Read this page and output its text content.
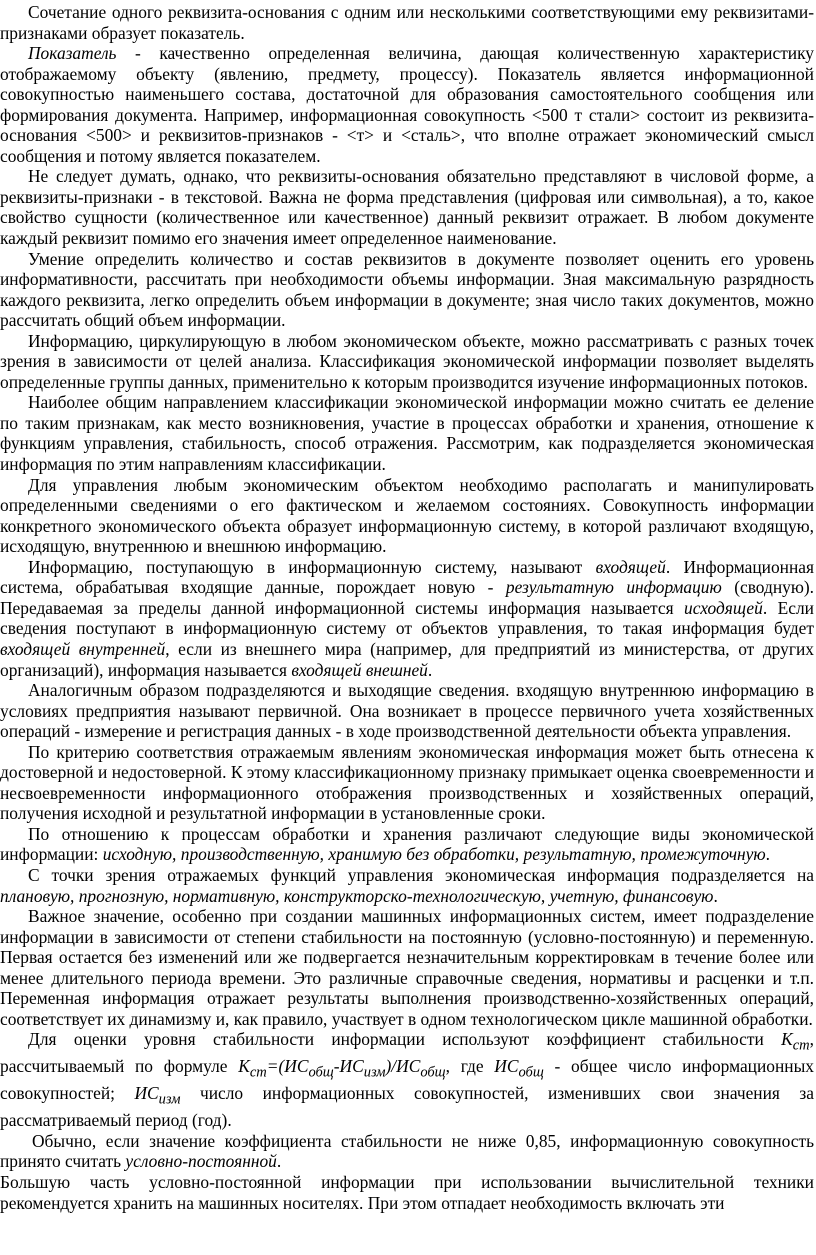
Сочетание одного реквизита-основания с одним или несколькими соответствующими ему реквизитами-признаками образует показатель.

Показатель - качественно определенная величина, дающая количественную характеристику отображаемому объекту (явлению, предмету, процессу). Показатель является информационной совокупностью наименьшего состава, достаточной для образования самостоятельного сообщения или формирования документа. Например, информационная совокупность <500 т стали> состоит из реквизита-основания <500> и реквизитов-признаков - <т> и <сталь>, что вполне отражает экономический смысл сообщения и потому является показателем.

Не следует думать, однако, что реквизиты-основания обязательно представляют в числовой форме, а реквизиты-признаки - в текстовой. Важна не форма представления (цифровая или символьная), а то, какое свойство сущности (количественное или качественное) данный реквизит отражает. В любом документе каждый реквизит помимо его значения имеет определенное наименование.

Умение определить количество и состав реквизитов в документе позволяет оценить его уровень информативности, рассчитать при необходимости объемы информации. Зная максимальную разрядность каждого реквизита, легко определить объем информации в документе; зная число таких документов, можно рассчитать общий объем информации.

Информацию, циркулирующую в любом экономическом объекте, можно рассматривать с разных точек зрения в зависимости от целей анализа. Классификация экономической информации позволяет выделять определенные группы данных, применительно к которым производится изучение информационных потоков.

Наиболее общим направлением классификации экономической информации можно считать ее деление по таким признакам, как место возникновения, участие в процессах обработки и хранения, отношение к функциям управления, стабильность, способ отражения. Рассмотрим, как подразделяется экономическая информация по этим направлениям классификации.

Для управления любым экономическим объектом необходимо располагать и манипулировать определенными сведениями о его фактическом и желаемом состояниях. Совокупность информации конкретного экономического объекта образует информационную систему, в которой различают входящую, исходящую, внутреннюю и внешнюю информацию.

Информацию, поступающую в информационную систему, называют входящей. Информационная система, обрабатывая входящие данные, порождает новую - результатную информацию (сводную). Передаваемая за пределы данной информационной системы информация называется исходящей. Если сведения поступают в информационную систему от объектов управления, то такая информация будет входящей внутренней, если из внешнего мира (например, для предприятий из министерства, от других организаций), информация называется входящей внешней.

Аналогичным образом подразделяются и выходящие сведения. входящую внутреннюю информацию в условиях предприятия называют первичной. Она возникает в процессе первичного учета хозяйственных операций - измерение и регистрация данных - в ходе производственной деятельности объекта управления.

По критерию соответствия отражаемым явлениям экономическая информация может быть отнесена к достоверной и недостоверной. К этому классификационному признаку примыкает оценка своевременности и несвоевременности информационного отображения производственных и хозяйственных операций, получения исходной и результатной информации в установленные сроки.

По отношению к процессам обработки и хранения различают следующие виды экономической информации: исходную, производственную, хранимую без обработки, результатную, промежуточную.

С точки зрения отражаемых функций управления экономическая информация подразделяется на плановую, прогнозную, нормативную, конструкторско-технологическую, учетную, финансовую.

Важное значение, особенно при создании машинных информационных систем, имеет подразделение информации в зависимости от степени стабильности на постоянную (условно-постоянную) и переменную. Первая остается без изменений или же подвергается незначительным корректировкам в течение более или менее длительного периода времени. Это различные справочные сведения, нормативы и расценки и т.п. Переменная информация отражает результаты выполнения производственно-хозяйственных операций, соответствует их динамизму и, как правило, участвует в одном технологическом цикле машинной обработки.

Для оценки уровня стабильности информации используют коэффициент стабильности $K_{ст}$, рассчитываемый по формуле $K_{ст}=(ИС_{общ}-ИС_{изм})/ИС_{общ}$, где $ИС_{общ}$ - общее число информационных совокупностей; $ИС_{изм}$ число информационных совокупностей, изменивших свои значения за рассматриваемый период (год).

Обычно, если значение коэффициента стабильности не ниже 0,85, информационную совокупность принято считать условно-постоянной.

Большую часть условно-постоянной информации при использовании вычислительной техники рекомендуется хранить на машинных носителях. При этом отпадает необходимость включать эти
